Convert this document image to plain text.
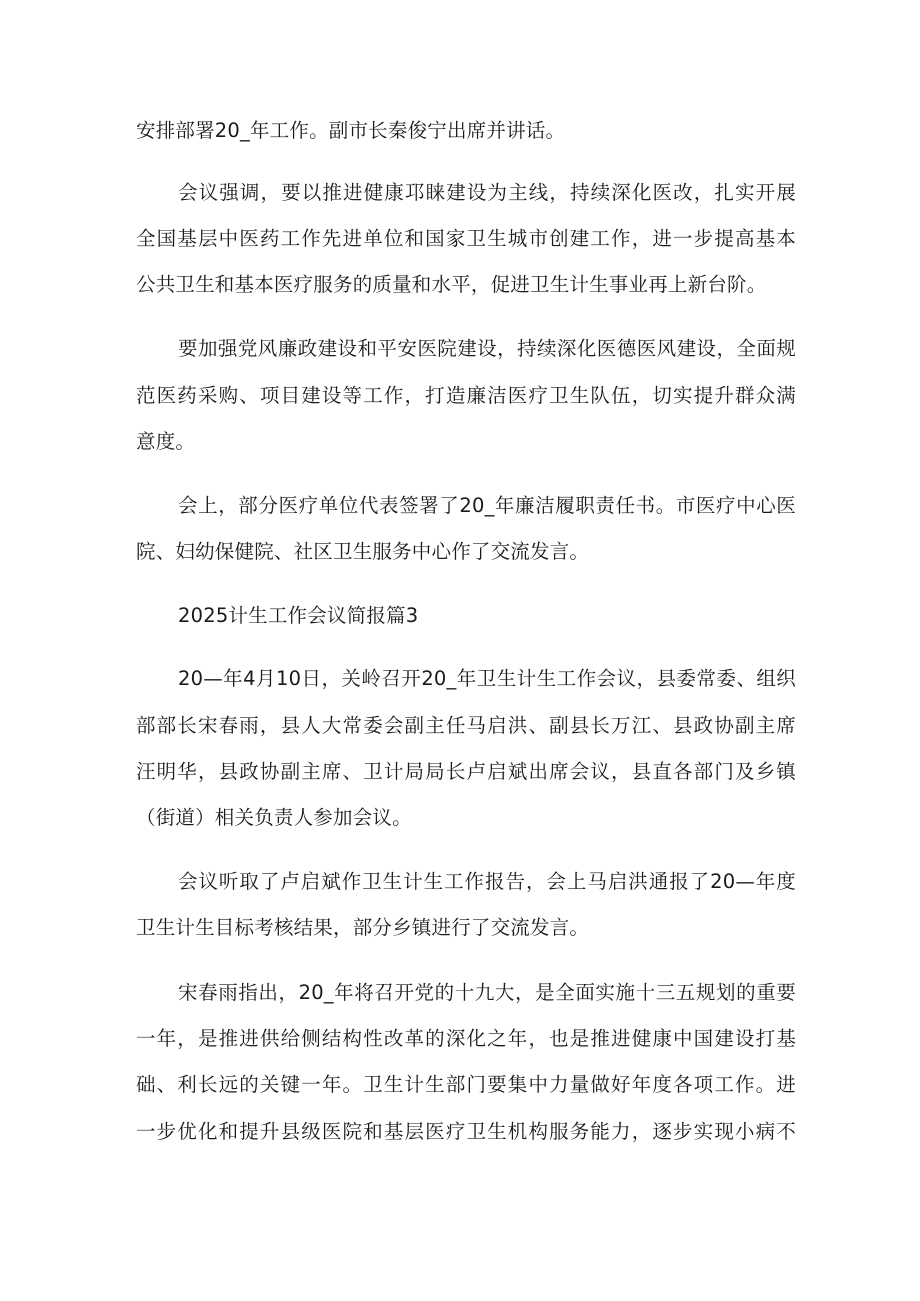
安排部署20_年工作。副市长秦俊宁出席并讲话。
会议强调，要以推进健康邛睐建设为主线，持续深化医改，扎实开展
全国基层中医药工作先进单位和国家卫生城市创建工作，进一步提高基本
公共卫生和基本医疗服务的质量和水平，促进卫生计生事业再上新台阶。
要加强党风廉政建设和平安医院建设，持续深化医德医风建设，全面规
范医药采购、项目建设等工作，打造廉洁医疗卫生队伍，切实提升群众满
意度。
会上，部分医疗单位代表签署了20_年廉洁履职责任书。市医疗中心医
院、妇幼保健院、社区卫生服务中心作了交流发言。
2025计生工作会议简报篇3
20—年4月10日，关岭召开20_年卫生计生工作会议，县委常委、组织
部部长宋春雨，县人大常委会副主任马启洪、副县长万江、县政协副主席
汪明华，县政协副主席、卫计局局长卢启斌出席会议，县直各部门及乡镇
（街道）相关负责人参加会议。
会议听取了卢启斌作卫生计生工作报告，会上马启洪通报了20—年度
卫生计生目标考核结果，部分乡镇进行了交流发言。
宋春雨指出，20_年将召开党的十九大，是全面实施十三五规划的重要
一年，是推进供给侧结构性改革的深化之年，也是推进健康中国建设打基
础、利长远的关键一年。卫生计生部门要集中力量做好年度各项工作。进
一步优化和提升县级医院和基层医疗卫生机构服务能力，逐步实现小病不
